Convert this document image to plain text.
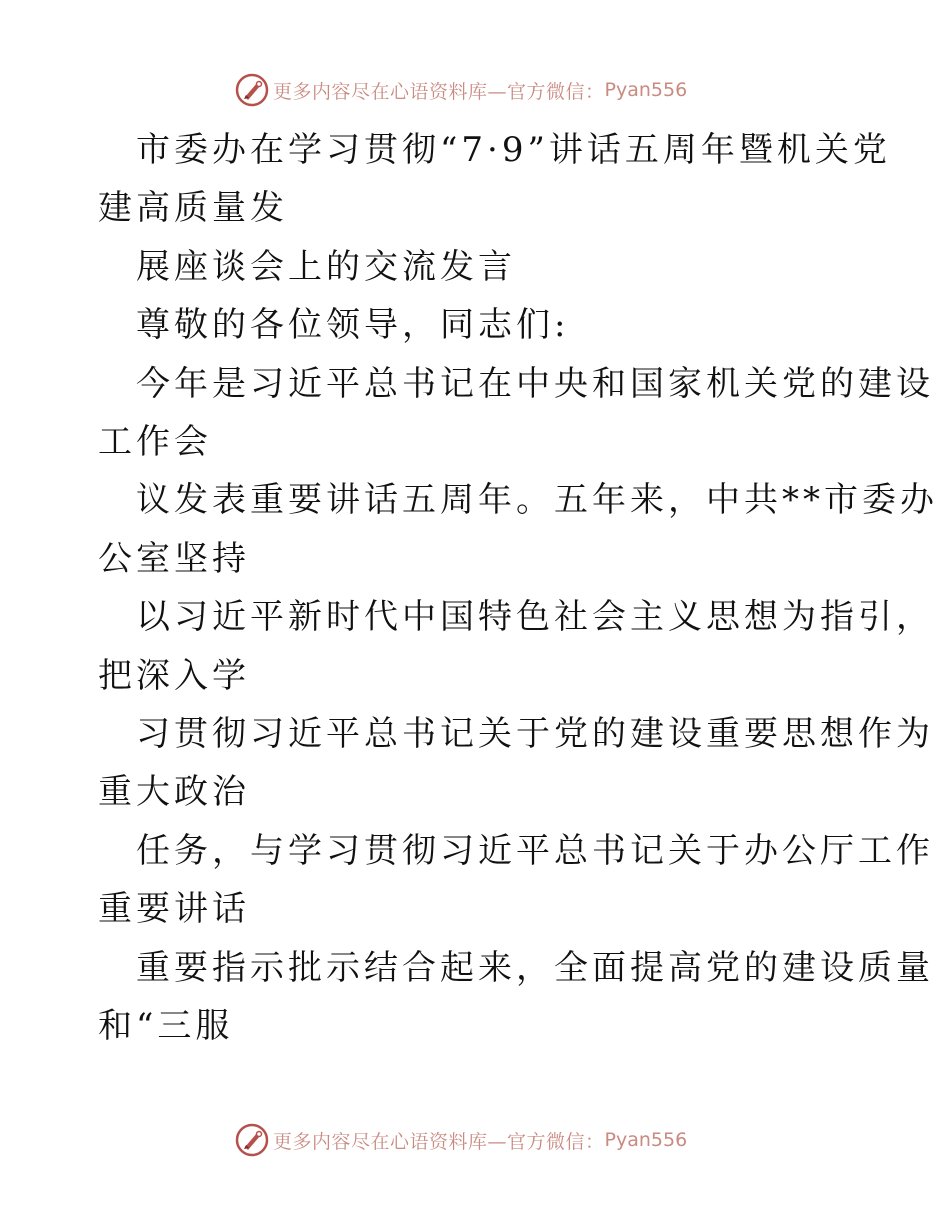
更多内容尽在心语资料库—官方微信： Pyan556
市委办在学习贯彻“7·9”讲话五周年暨机关党
建高质量发
展座谈会上的交流发言
尊敬的各位领导，同志们:
今年是习近平总书记在中央和国家机关党的建设
工作会
议发表重要讲话五周年。五年来，中共**市委办
公室坚持
以习近平新时代中国特色社会主义思想为指引，
把深入学
习贯彻习近平总书记关于党的建设重要思想作为
重大政治
任务，与学习贯彻习近平总书记关于办公厅工作
重要讲话
重要指示批示结合起来，全面提高党的建设质量
和“三服
更多内容尽在心语资料库—官方微信： Pyan556
